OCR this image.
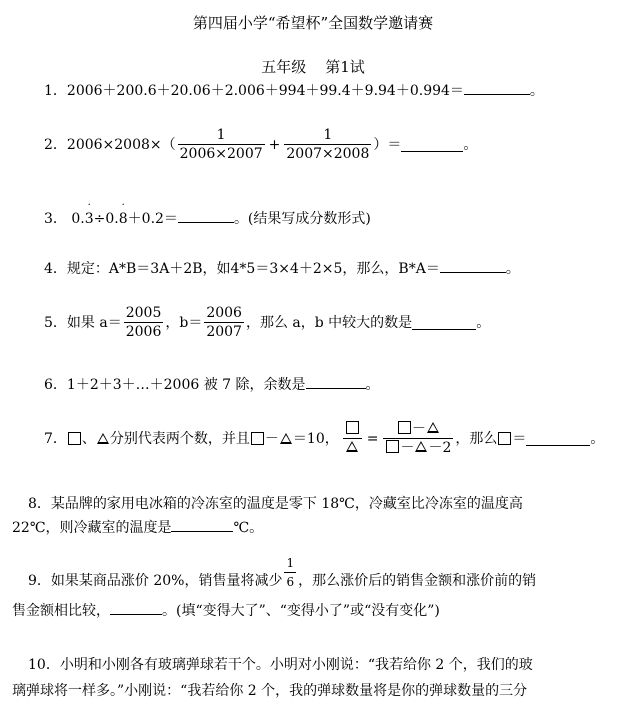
第四届小学“希望杯”全国数学邀请赛
五年级    第1试
1．2006＋200.6＋20.06＋2.006＋994＋99.4＋9.94＋0.994＝	。
2．$2006\times 2008\times( \frac{1}{2006\times 2007} + \frac{1}{2007\times 2008}$ ）＝	。
3． 0.3
·
÷0.8
·
＋0.2＝	。(结果写成分数形式)
4．规定：A*B＝3A＋2B，如4*5＝3×4＋2×5，那么，B*A＝	。
5．如果 $a= \frac{2005}{2006}$ ，$b= \frac{2006}{2007}$ ，那么 a，b 中较大的数是	。
6．1＋2＋3＋…＋2006 被 7 除，余数是	。
7． 、 分别代表两个数，并且 － ＝10， = $\frac{-}{- -2}$ ，那么 ＝	。
8．某品牌的家用电冰箱的冷冻室的温度是零下 18℃，冷藏室比冷冻室的温度高
22℃，则冷藏室的温度是	℃。
9．如果某商品涨价 20%，销售量将减少 $\frac{1}{6}$ ，那么涨价后的销售金额和涨价前的销
售金额相比较，	。(填“变得大了”、“变得小了”或“没有变化”)
10．小明和小刚各有玻璃弹球若干个。小明对小刚说：“我若给你 2 个，我们的玻
璃弹球将一样多。”小刚说：“我若给你 2 个，我的弹球数量将是你的弹球数量的三分
